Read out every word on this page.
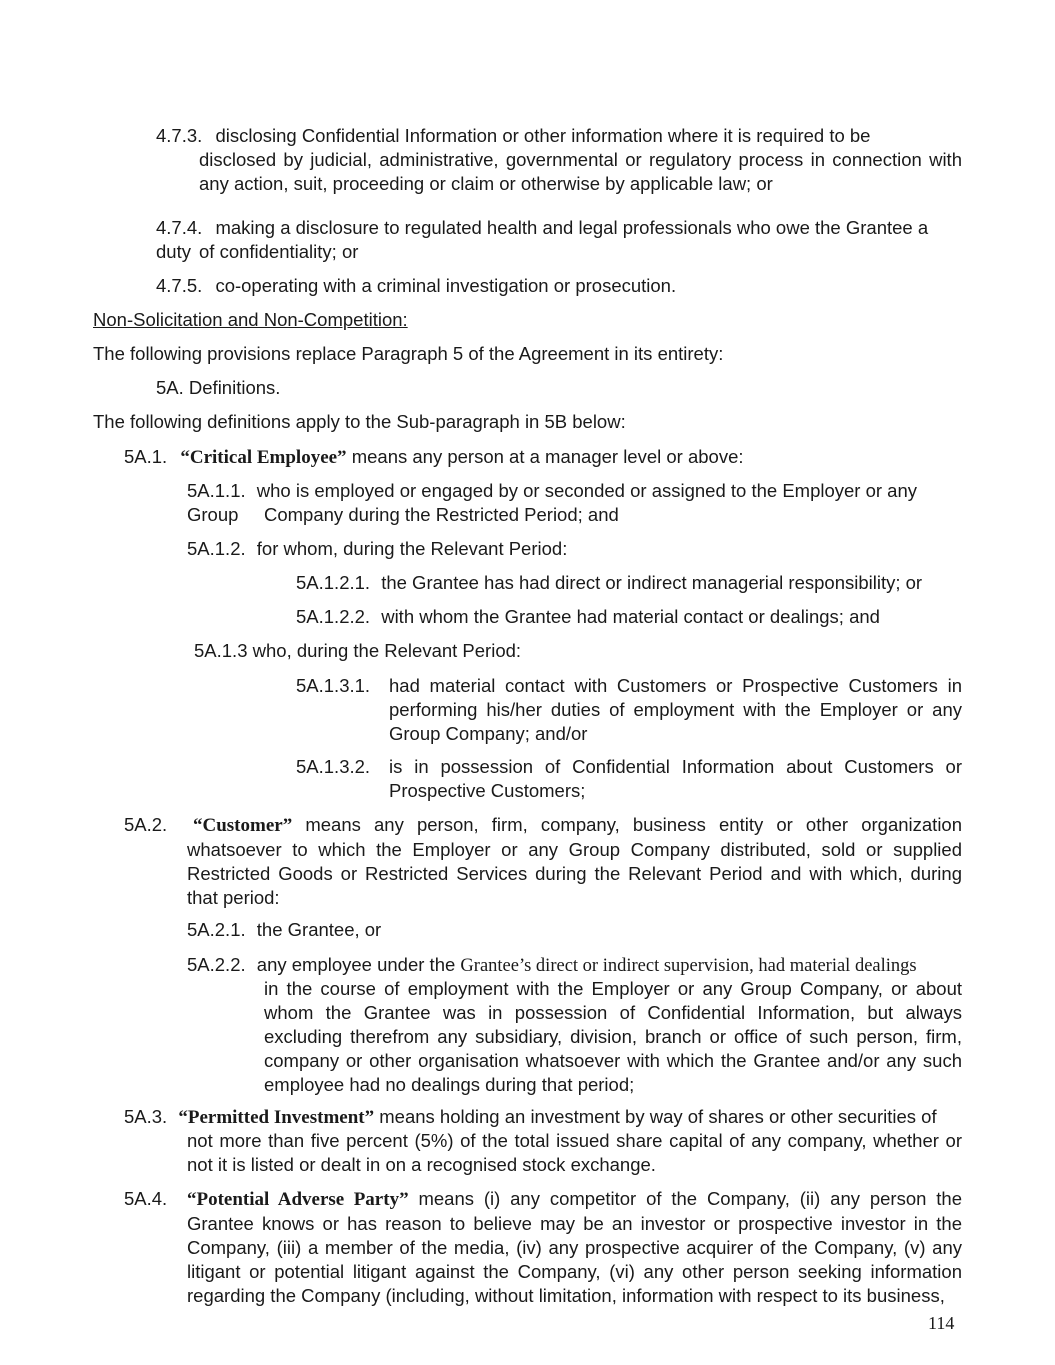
4.7.3. disclosing Confidential Information or other information where it is required to be
disclosed by judicial, administrative, governmental or regulatory process in connection with any action, suit, proceeding or claim or otherwise by applicable law; or
4.7.4. making a disclosure to regulated health and legal professionals who owe the Grantee a duty of confidentiality; or
4.7.5. co-operating with a criminal investigation or prosecution.
Non-Solicitation and Non-Competition:
The following provisions replace Paragraph 5 of the Agreement in its entirety:
5A. Definitions.
The following definitions apply to the Sub-paragraph in 5B below:
5A.1. “Critical Employee” means any person at a manager level or above:
5A.1.1. who is employed or engaged by or seconded or assigned to the Employer or any Group	Company during the Restricted Period; and
5A.1.2. for whom, during the Relevant Period:
5A.1.2.1. the Grantee has had direct or indirect managerial responsibility; or
5A.1.2.2. with whom the Grantee had material contact or dealings; and
5A.1.3 who, during the Relevant Period:
5A.1.3.1. had material contact with Customers or Prospective Customers in performing his/her duties of employment with the Employer or any Group Company; and/or
5A.1.3.2. is in possession of Confidential Information about Customers or Prospective Customers;
5A.2.	“Customer” means any person, firm, company, business entity or other organization whatsoever to which the Employer or any Group Company distributed, sold or supplied Restricted Goods or Restricted Services during the Relevant Period and with which, during that period:
5A.2.1. the Grantee, or
5A.2.2. any employee under the Grantee’s direct or indirect supervision, had material dealings
in the course of employment with the Employer or any Group Company, or about whom the Grantee was in possession of Confidential Information, but always excluding therefrom any subsidiary, division, branch or office of such person, firm, company or other organisation whatsoever with which the Grantee and/or any such employee had no dealings during that period;
5A.3. “Permitted Investment” means holding an investment by way of shares or other securities of
not more than five percent (5%) of the total issued share capital of any company, whether or not it is listed or dealt in on a recognised stock exchange.
5A.4. “Potential Adverse Party” means (i) any competitor of the Company, (ii) any person the Grantee knows or has reason to believe may be an investor or prospective investor in the Company, (iii) a member of the media, (iv) any prospective acquirer of the Company, (v) any litigant or potential litigant against the Company, (vi) any other person seeking information regarding the Company (including, without limitation, information with respect to its business,
114
